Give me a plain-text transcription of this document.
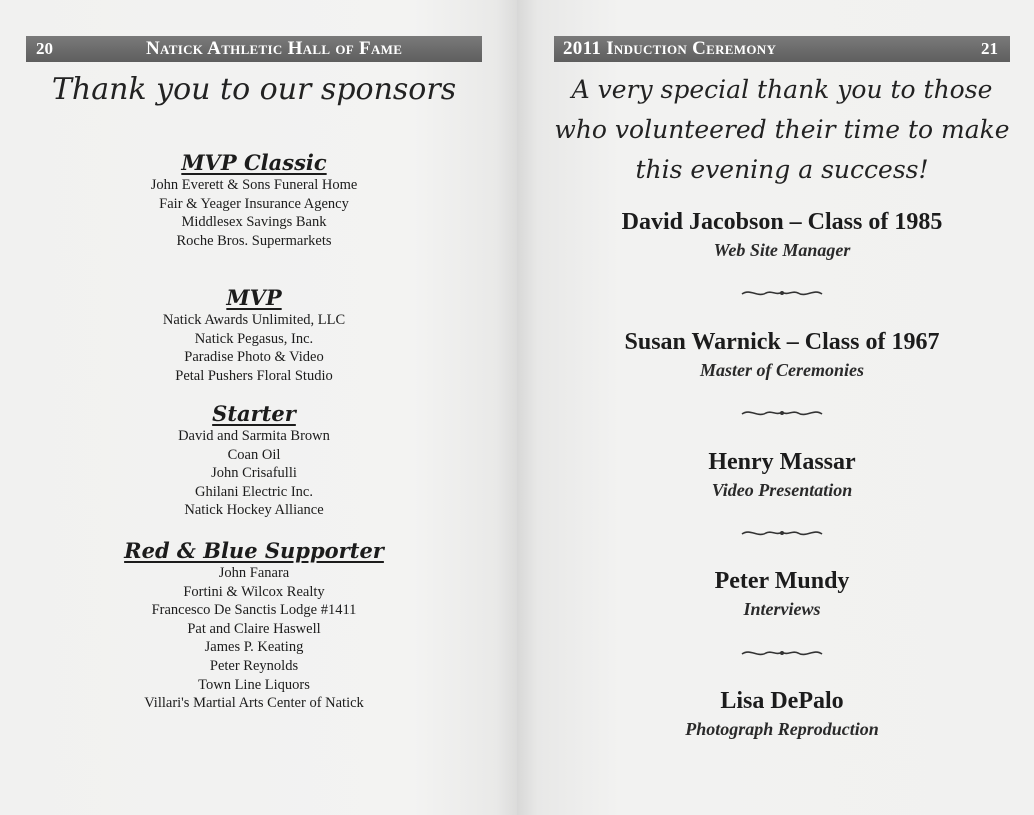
20	Natick Athletic Hall of Fame
Thank you to our sponsors
MVP Classic
John Everett & Sons Funeral Home
Fair & Yeager Insurance Agency
Middlesex Savings Bank
Roche Bros. Supermarkets
MVP
Natick Awards Unlimited, LLC
Natick Pegasus, Inc.
Paradise Photo & Video
Petal Pushers Floral Studio
Starter
David and Sarmita Brown
Coan Oil
John Crisafulli
Ghilani Electric Inc.
Natick Hockey Alliance
Red & Blue Supporter
John Fanara
Fortini & Wilcox Realty
Francesco De Sanctis Lodge #1411
Pat and Claire Haswell
James P. Keating
Peter Reynolds
Town Line Liquors
Villari's Martial Arts Center of Natick
2011 Induction Ceremony	21
A very special thank you to those
who volunteered their time to make
this evening a success!
David Jacobson – Class of 1985
Web Site Manager
Susan Warnick – Class of 1967
Master of Ceremonies
Henry Massar
Video Presentation
Peter Mundy
Interviews
Lisa DePalo
Photograph Reproduction
